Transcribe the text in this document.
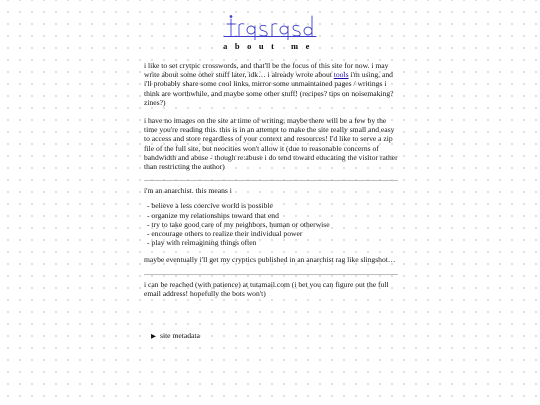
about me

i like to set crytpic crosswords, and that'll be the focus of this site for now. i may write about some other stuff later, idk… i already wrote about tools i'm using, and i'll probably share some cool links, mirror some unmaintained pages / writings i think are worthwhile, and maybe some other stuff! (recipes? tips on noisemaking? zines?)

i have no images on the site at time of writing, maybe there will be a few by the time you're reading this. this is in an attempt to make the site really small and easy to access and store regardless of your context and resources! I'd like to serve a zip file of the full site, but neocities won't allow it (due to reasonable concerns of bandwidth and abuse - though re:abuse i do tend toward educating the visitor rather than restricting the author)

i'm an anarchist. this means i
- believe a less coercive world is possible
- organize my relationships toward that end
- try to take good care of my neighbors, human or otherwise
- encourage others to realize their individual power
- play with reimagining things often

maybe eventually i'll get my cryptics published in an anarchist rag like slingshot…

i can be reached (with patience) at tutamail.com (i bet you can figure out the full email address! hopefully the bots won't)

▶ site metadata
